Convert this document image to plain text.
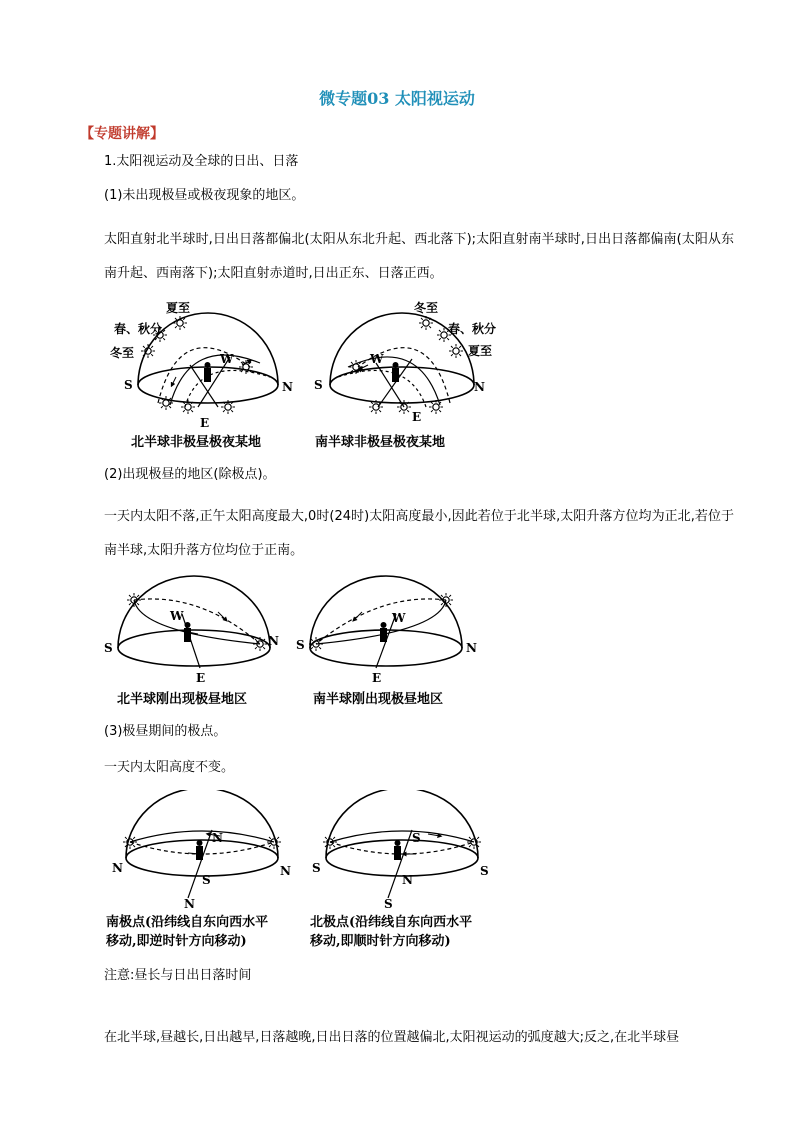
微专题03 太阳视运动
【专题讲解】
1.太阳视运动及全球的日出、日落
(1)未出现极昼或极夜现象的地区。
太阳直射北半球时,日出日落都偏北(太阳从东北升起、西北落下);太阳直射南半球时,日出日落都偏南(太阳从东南升起、西南落下);太阳直射赤道时,日出正东、日落正西。
夏至
春、秋分
冬至
S	N
E
W
北半球非极昼极夜某地
冬至
春、秋分
夏至
S	N
E
W
南半球非极昼极夜某地
(2)出现极昼的地区(除极点)。
一天内太阳不落,正午太阳高度最大,0时(24时)太阳高度最小,因此若位于北半球,太阳升落方位均为正北,若位于南半球,太阳升落方位均位于正南。
S	N
E
W
北半球刚出现极昼地区
S	N
E
W
南半球刚出现极昼地区
(3)极昼期间的极点。
一天内太阳高度不变。
N
N	N
S
N
南极点(沿纬线自东向西水平
移动,即逆时针方向移动)
S
S	S
N
S
北极点(沿纬线自东向西水平
移动,即顺时针方向移动)
注意:昼长与日出日落时间
在北半球,昼越长,日出越早,日落越晚,日出日落的位置越偏北,太阳视运动的弧度越大;反之,在北半球昼
